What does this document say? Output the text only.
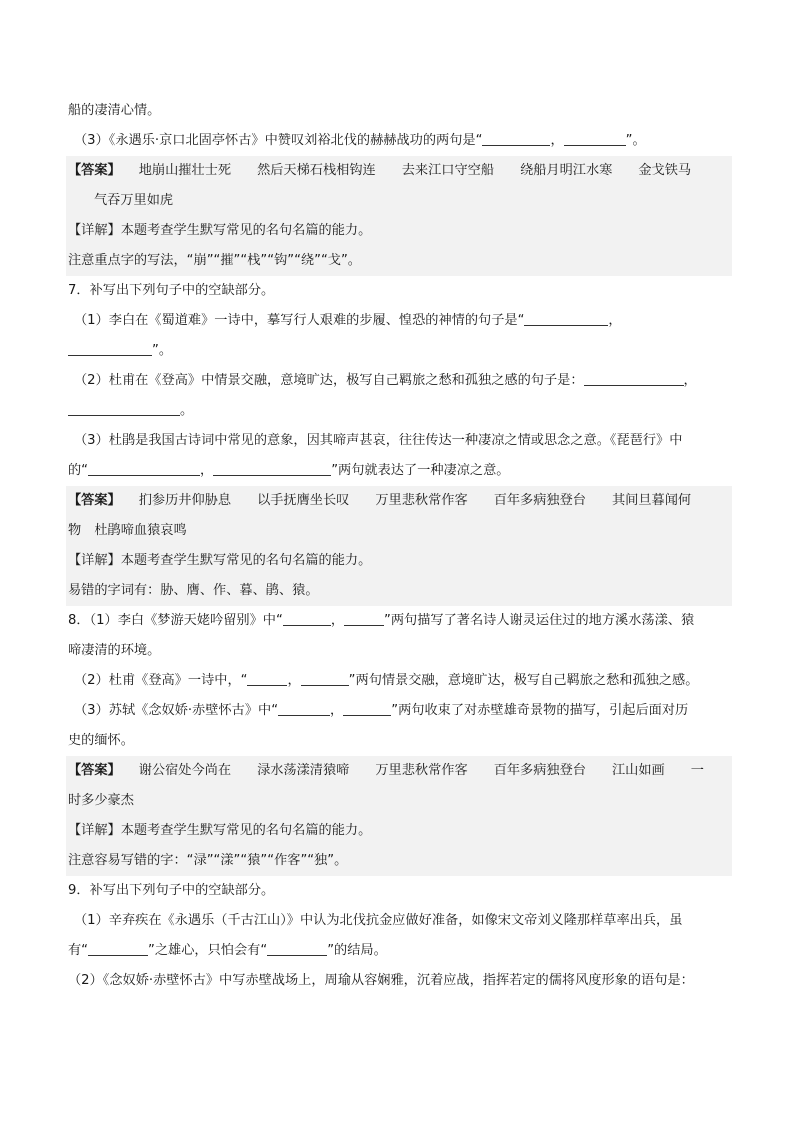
船的凄清心情。
（3）《永遇乐·京口北固亭怀古》中赞叹刘裕北伐的赫赫战功的两句是“	，	”。
【答案】 地崩山摧壮士死 然后天梯石栈相钩连 去来江口守空船 绕船月明江水寒 金戈铁马
气吞万里如虎
【详解】本题考查学生默写常见的名句名篇的能力。
注意重点字的写法，“崩”“摧”“栈”“钩”“绕”“戈”。
7．补写出下列句子中的空缺部分。
（1）李白在《蜀道难》一诗中，摹写行人艰难的步履、惶恐的神情的句子是“	，
”。
（2）杜甫在《登高》中情景交融，意境旷达，极写自己羁旅之愁和孤独之感的句子是：	，
。
（3）杜鹃是我国古诗词中常见的意象，因其啼声甚哀，往往传达一种凄凉之情或思念之意。《琵琶行》中
的“	，	”两句就表达了一种凄凉之意。
【答案】 扪参历井仰胁息 以手抚膺坐长叹 万里悲秋常作客 百年多病独登台 其间旦暮闻何
物　杜鹃啼血猿哀鸣
【详解】本题考查学生默写常见的名句名篇的能力。
易错的字词有：胁、膺、作、暮、鹃、猿。
8．（1）李白《梦游天姥吟留别》中“	，	”两句描写了著名诗人谢灵运住过的地方溪水荡漾、猿
啼凄清的环境。
（2）杜甫《登高》一诗中，“	，	”两句情景交融，意境旷达，极写自己羁旅之愁和孤独之感。
（3）苏轼《念奴娇·赤壁怀古》中“	，	”两句收束了对赤壁雄奇景物的描写，引起后面对历
史的缅怀。
【答案】 谢公宿处今尚在 渌水荡漾清猿啼 万里悲秋常作客 百年多病独登台 江山如画 一
时多少豪杰
【详解】本题考查学生默写常见的名句名篇的能力。
注意容易写错的字：“渌”“漾”“猿”“作客”“独”。
9．补写出下列句子中的空缺部分。
（1）辛弃疾在《永遇乐（千古江山）》中认为北伐抗金应做好准备，如像宋文帝刘义隆那样草率出兵，虽
有“	”之雄心，只怕会有“	”的结局。
（2）《念奴娇·赤壁怀古》中写赤壁战场上，周瑜从容娴雅，沉着应战，指挥若定的儒将风度形象的语句是：
